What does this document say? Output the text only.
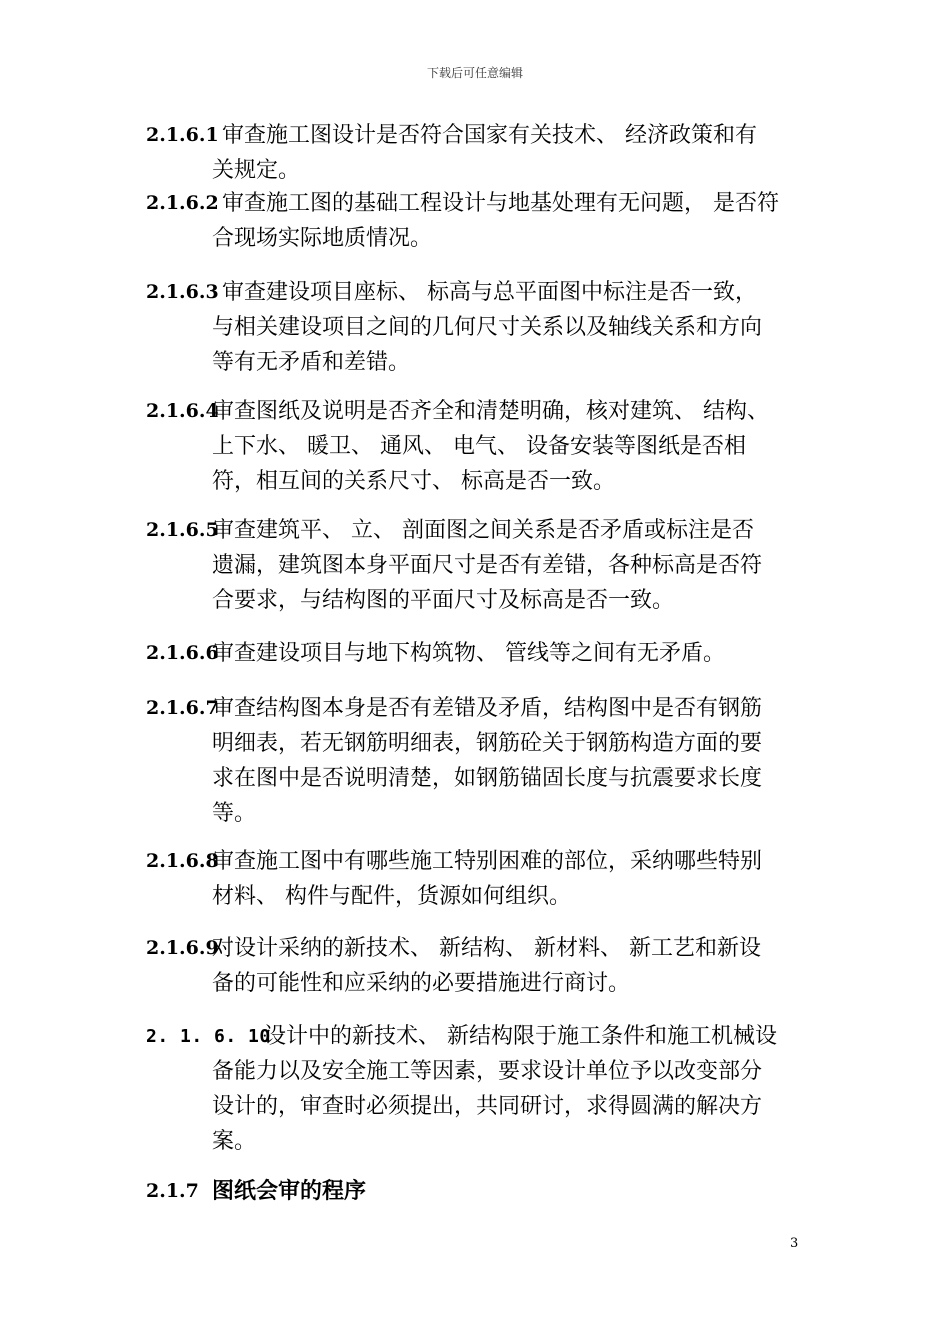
下载后可任意编辑
2.1.6.1 审查施工图设计是否符合国家有关技术、 经济政策和有
关规定。
2.1.6.2 审查施工图的基础工程设计与地基处理有无问题， 是否符
合现场实际地质情况。
2.1.6.3 审查建设项目座标、 标高与总平面图中标注是否一致，
与相关建设项目之间的几何尺寸关系以及轴线关系和方向
等有无矛盾和差错。
2.1.6.4
审查图纸及说明是否齐全和清楚明确，核对建筑、 结构、
上下水、 暖卫、 通风、 电气、 设备安装等图纸是否相
符，相互间的关系尺寸、 标高是否一致。
2.1.6.5
审查建筑平、 立、 剖面图之间关系是否矛盾或标注是否
遗漏，建筑图本身平面尺寸是否有差错，各种标高是否符
合要求，与结构图的平面尺寸及标高是否一致。
2.1.6.6
审查建设项目与地下构筑物、 管线等之间有无矛盾。
2.1.6.7
审查结构图本身是否有差错及矛盾，结构图中是否有钢筋
明细表，若无钢筋明细表，钢筋砼关于钢筋构造方面的要
求在图中是否说明清楚，如钢筋锚固长度与抗震要求长度
等。
2.1.6.8
审查施工图中有哪些施工特别困难的部位，采纳哪些特别
材料、 构件与配件，货源如何组织。
2.1.6.9
对设计采纳的新技术、 新结构、 新材料、 新工艺和新设
备的可能性和应采纳的必要措施进行商讨。
2. 1. 6. 10
设计中的新技术、 新结构限于施工条件和施工机械设
备能力以及安全施工等因素，要求设计单位予以改变部分
设计的，审查时必须提出，共同研讨，求得圆满的解决方
案。
2.1.7 图纸会审的程序
3
